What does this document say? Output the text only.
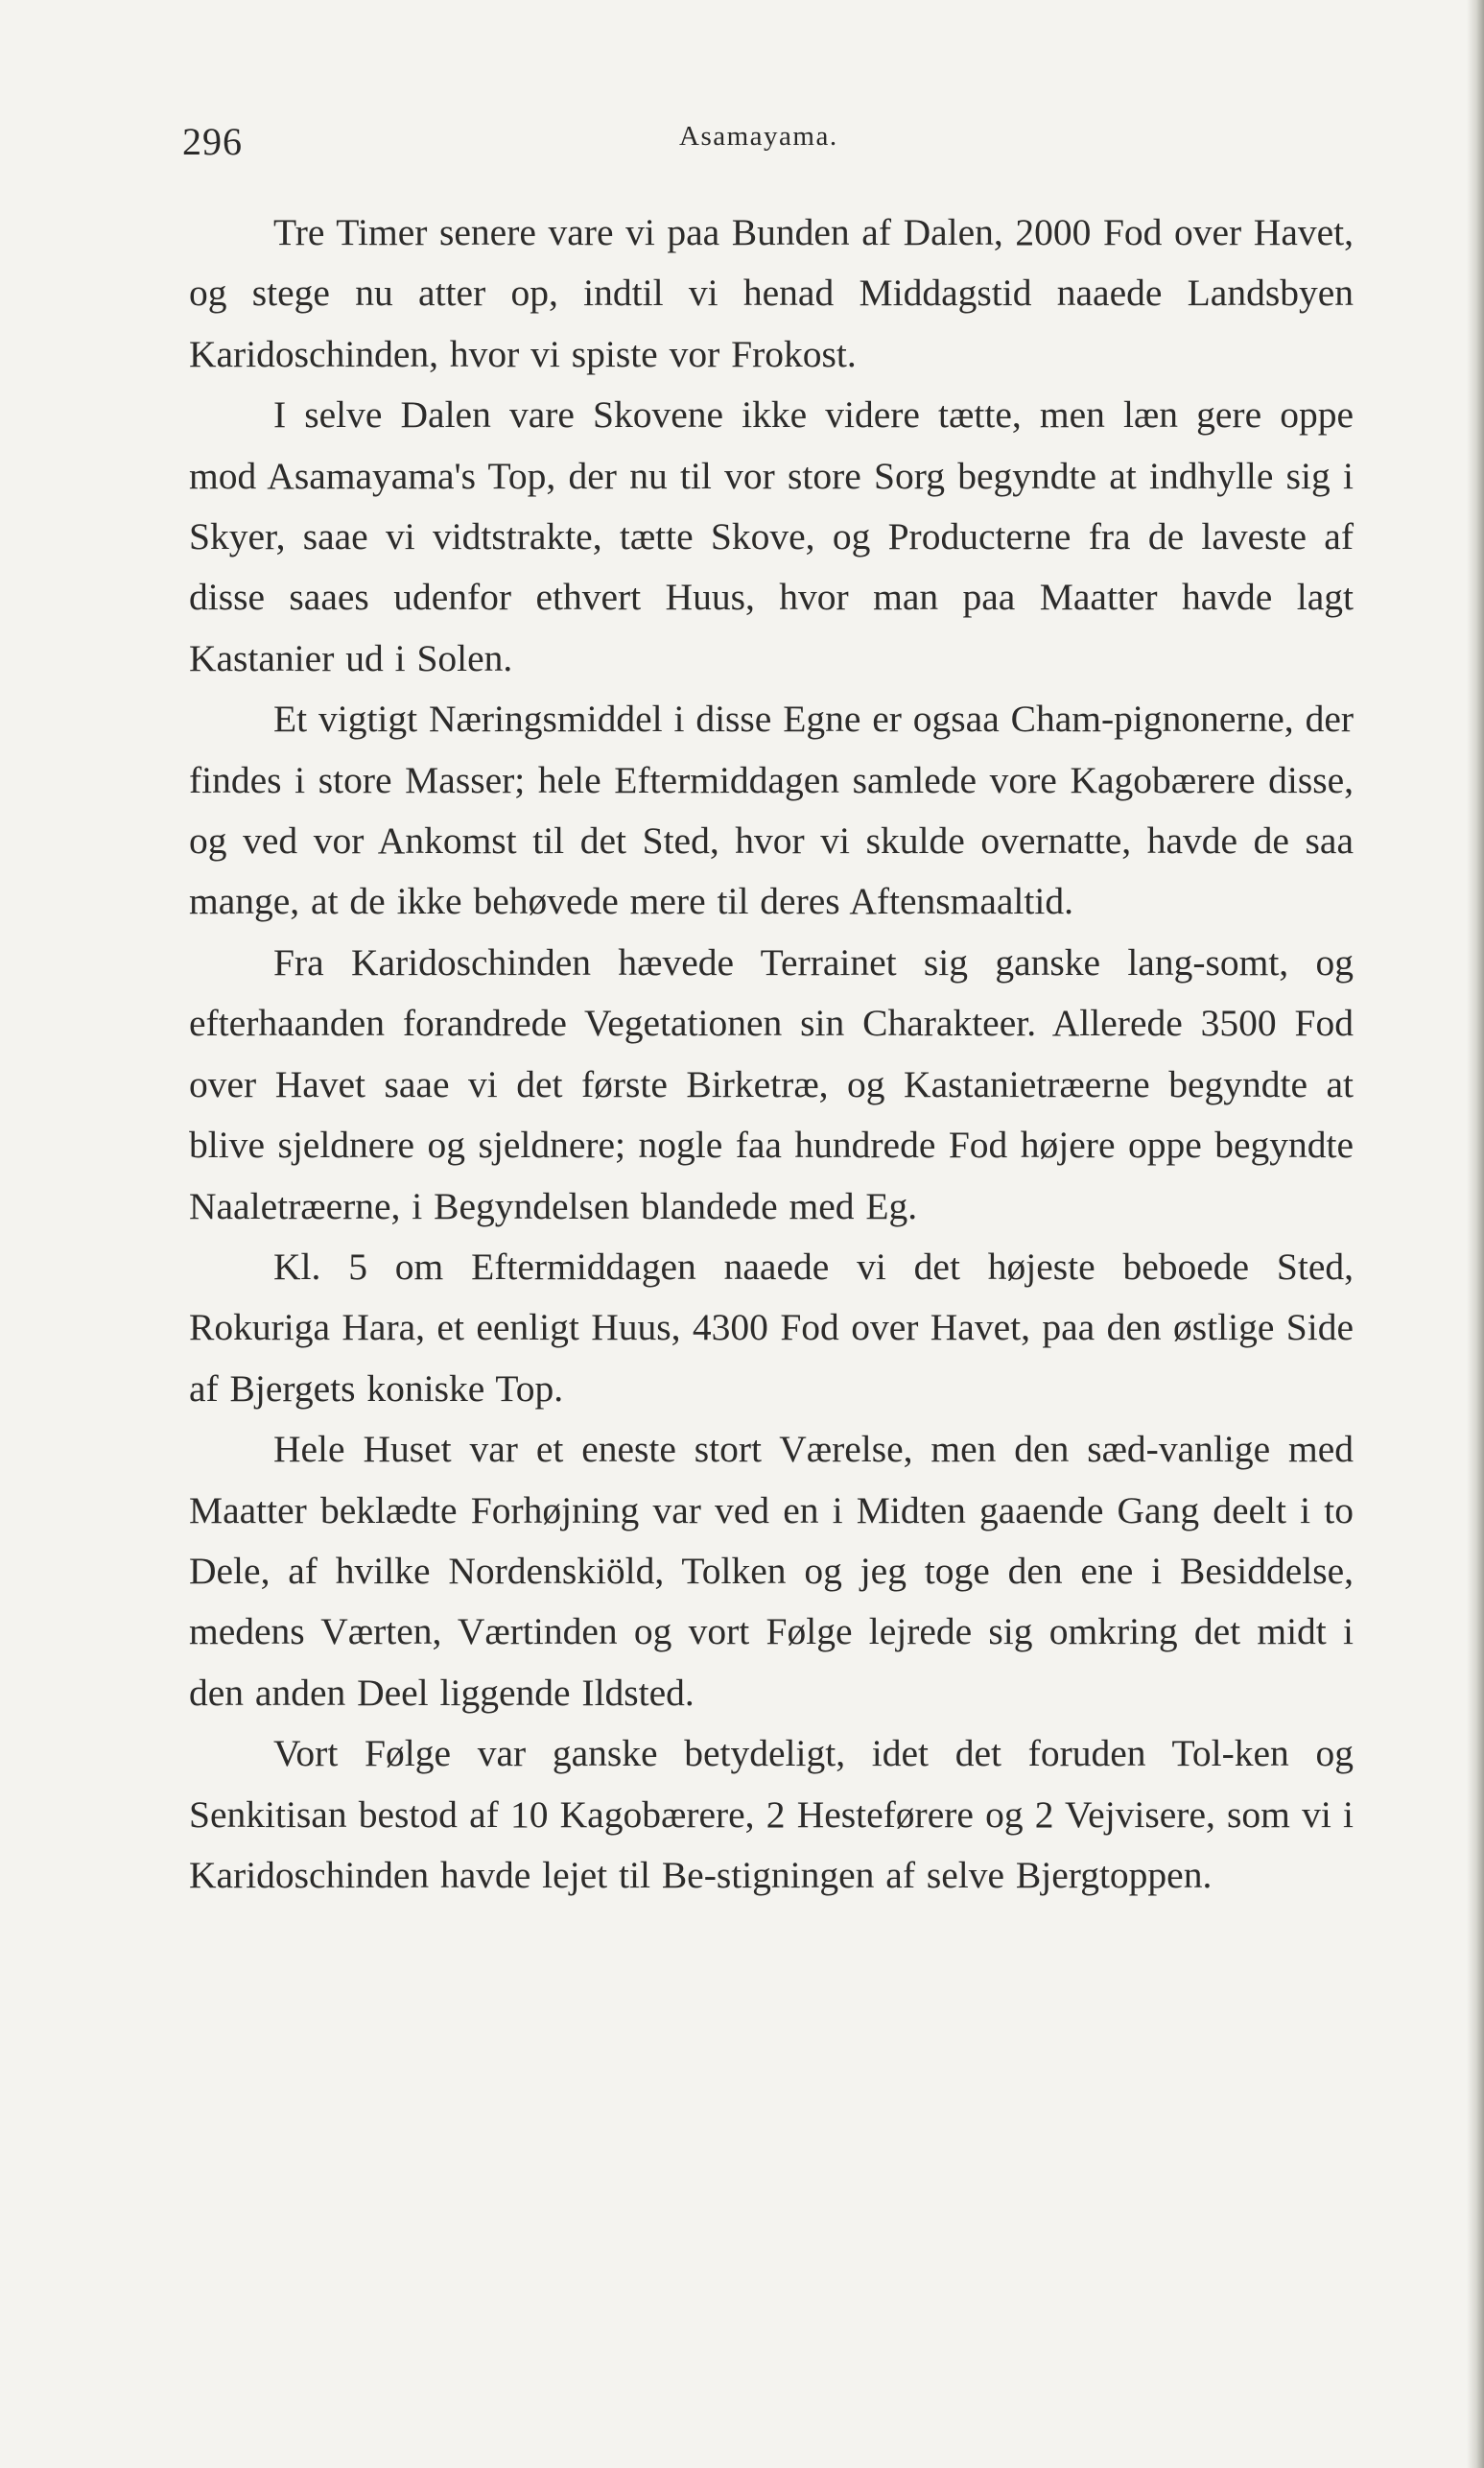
296	Asamayama.

Tre Timer senere vare vi paa Bunden af Dalen, 2000 Fod over Havet, og stege nu atter op, indtil vi henad Middagstid naaede Landsbyen Karidoschinden, hvor vi spiste vor Frokost.

I selve Dalen vare Skovene ikke videre tætte, men læn gere oppe mod Asamayama's Top, der nu til vor store Sorg begyndte at indhylle sig i Skyer, saae vi vidtstrakte, tætte Skove, og Producterne fra de laveste af disse saaes udenfor ethvert Huus, hvor man paa Maatter havde lagt Kastanier ud i Solen.

Et vigtigt Næringsmiddel i disse Egne er ogsaa Cham-pignonerne, der findes i store Masser; hele Eftermiddagen samlede vore Kagobærere disse, og ved vor Ankomst til det Sted, hvor vi skulde overnatte, havde de saa mange, at de ikke behøvede mere til deres Aftensmaaltid.

Fra Karidoschinden hævede Terrainet sig ganske lang-somt, og efterhaanden forandrede Vegetationen sin Charakteer. Allerede 3500 Fod over Havet saae vi det første Birketræ, og Kastanietræerne begyndte at blive sjeldnere og sjeldnere; nogle faa hundrede Fod højere oppe begyndte Naaletræerne, i Begyndelsen blandede med Eg.

Kl. 5 om Eftermiddagen naaede vi det højeste beboede Sted, Rokuriga Hara, et eenligt Huus, 4300 Fod over Havet, paa den østlige Side af Bjergets koniske Top.

Hele Huset var et eneste stort Værelse, men den sæd-vanlige med Maatter beklædte Forhøjning var ved en i Midten gaaende Gang deelt i to Dele, af hvilke Nordenskiöld, Tolken og jeg toge den ene i Besiddelse, medens Værten, Værtinden og vort Følge lejrede sig omkring det midt i den anden Deel liggende Ildsted.

Vort Følge var ganske betydeligt, idet det foruden Tol-ken og Senkitisan bestod af 10 Kagobærere, 2 Hesteførere og 2 Vejvisere, som vi i Karidoschinden havde lejet til Be-stigningen af selve Bjergtoppen.
